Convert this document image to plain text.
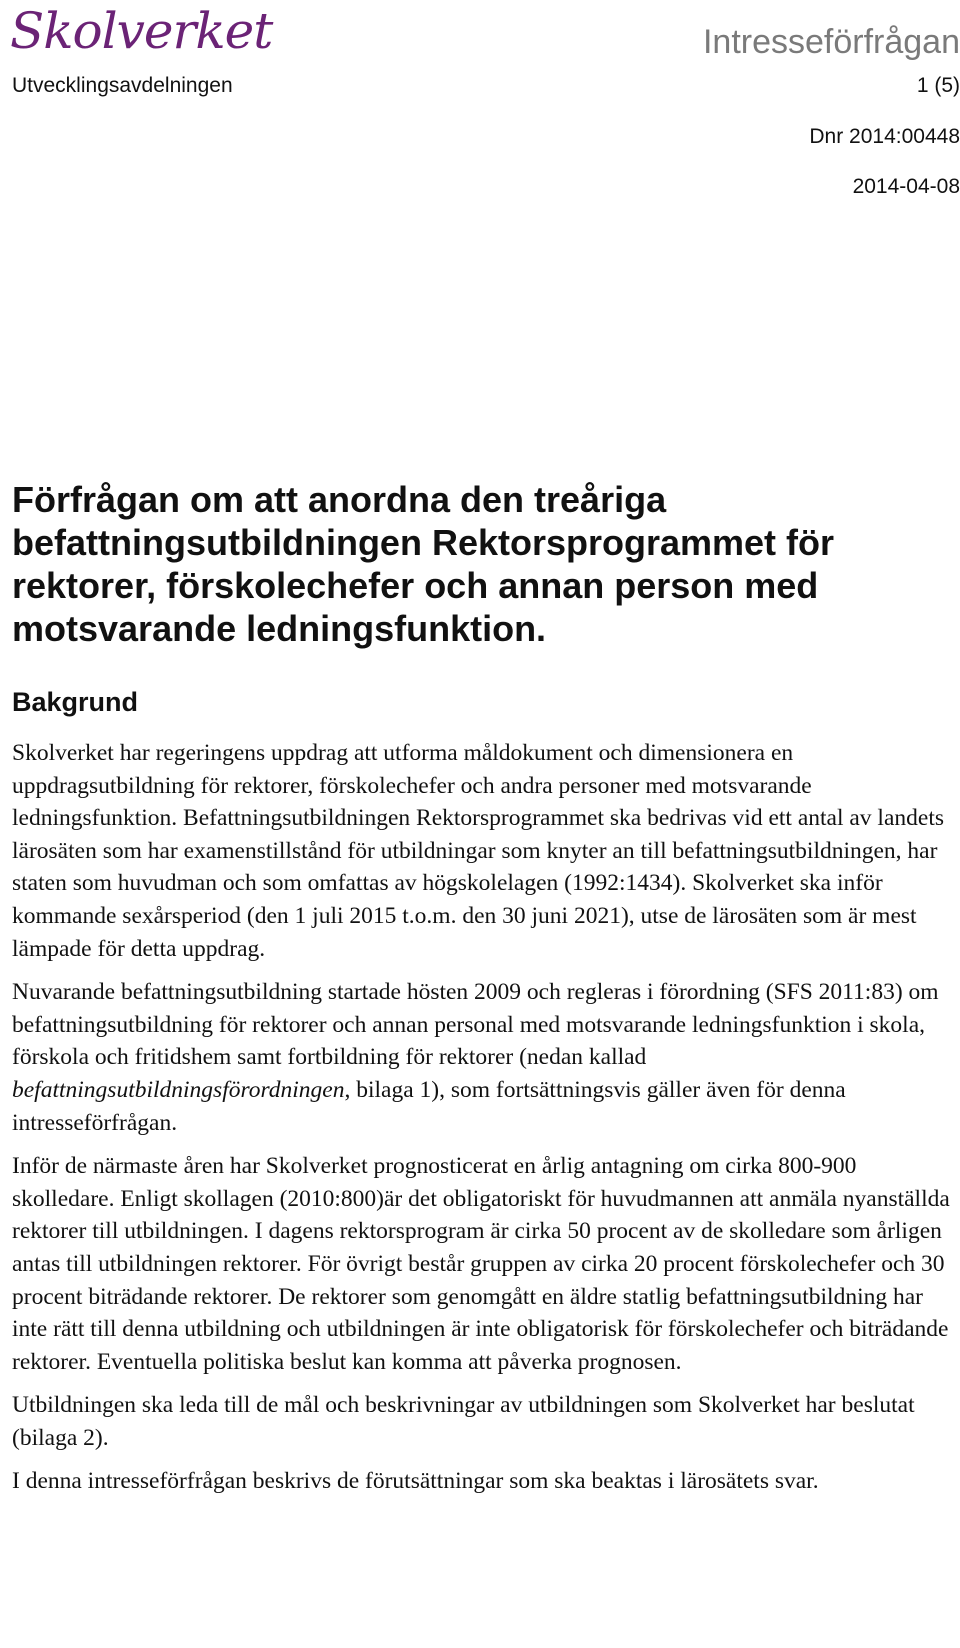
Skolverket	Intresseförfrågan
Utvecklingsavdelningen	1 (5)
Dnr 2014:00448
2014-04-08
Förfrågan om att anordna den treåriga befattningsutbildningen Rektorsprogrammet för rektorer, förskolechefer och annan person med motsvarande ledningsfunktion.
Bakgrund

Skolverket har regeringens uppdrag att utforma måldokument och dimensionera en uppdragsutbildning för rektorer, förskolechefer och andra personer med motsvarande ledningsfunktion. Befattningsutbildningen Rektorsprogrammet ska bedrivas vid ett antal av landets lärosäten som har examenstillstånd för utbildningar som knyter an till befattningsutbildningen, har staten som huvudman och som omfattas av högskolelagen (1992:1434). Skolverket ska inför kommande sexårsperiod (den 1 juli 2015 t.o.m. den 30 juni 2021), utse de lärosäten som är mest lämpade för detta uppdrag.

Nuvarande befattningsutbildning startade hösten 2009 och regleras i förordning (SFS 2011:83) om befattningsutbildning för rektorer och annan personal med motsvarande ledningsfunktion i skola, förskola och fritidshem samt fortbildning för rektorer (nedan kallad befattningsutbildningsförordningen, bilaga 1), som fortsättningsvis gäller även för denna intresseförfrågan.

Inför de närmaste åren har Skolverket prognosticerat en årlig antagning om cirka 800-900 skolledare. Enligt skollagen (2010:800)är det obligatoriskt för huvudmannen att anmäla nyanställda rektorer till utbildningen. I dagens rektorsprogram är cirka 50 procent av de skolledare som årligen antas till utbildningen rektorer. För övrigt består gruppen av cirka 20 procent förskolechefer och 30 procent biträdande rektorer. De rektorer som genomgått en äldre statlig befattningsutbildning har inte rätt till denna utbildning och utbildningen är inte obligatorisk för förskolechefer och biträdande rektorer. Eventuella politiska beslut kan komma att påverka prognosen.

Utbildningen ska leda till de mål och beskrivningar av utbildningen som Skolverket har beslutat (bilaga 2).

I denna intresseförfrågan beskrivs de förutsättningar som ska beaktas i lärosätets svar.
